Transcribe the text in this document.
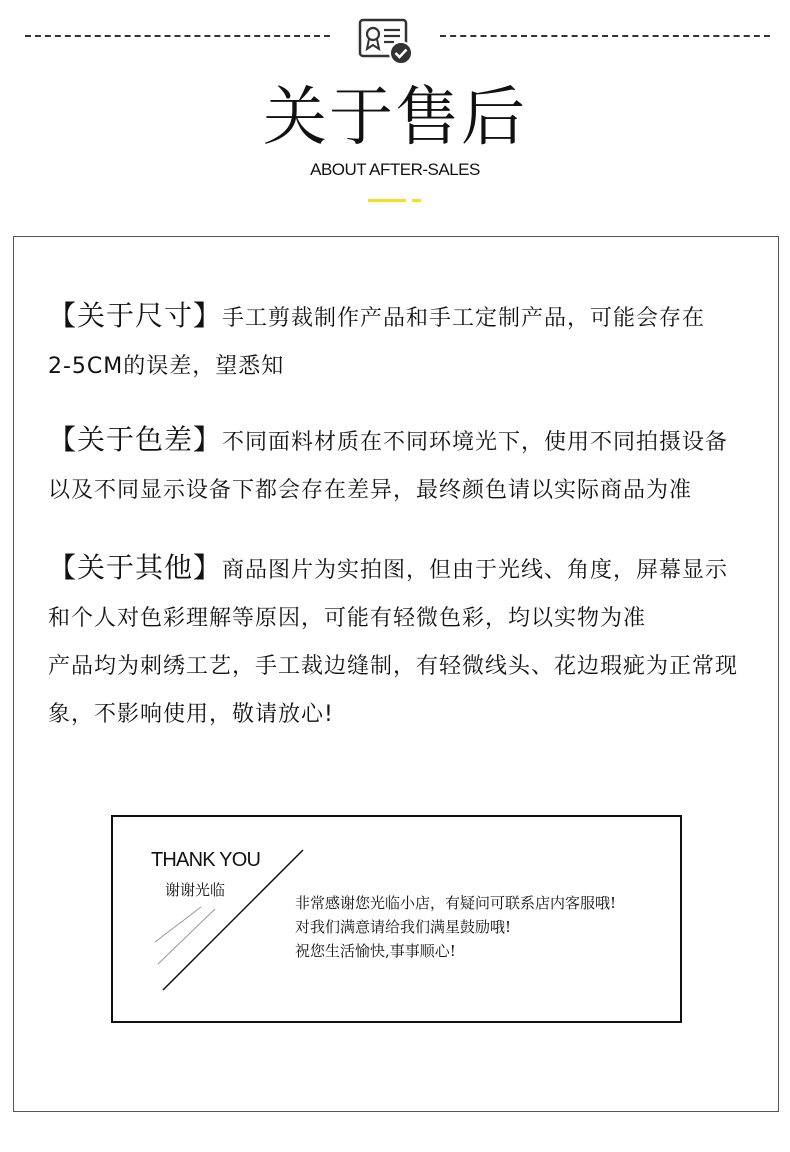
关于售后
ABOUT AFTER-SALES
【关于尺寸】手工剪裁制作产品和手工定制产品，可能会存在
2-5CM的误差，望悉知
【关于色差】不同面料材质在不同环境光下，使用不同拍摄设备
以及不同显示设备下都会存在差异，最终颜色请以实际商品为准
【关于其他】商品图片为实拍图，但由于光线、角度，屏幕显示
和个人对色彩理解等原因，可能有轻微色彩，均以实物为准
产品均为刺绣工艺，手工裁边缝制，有轻微线头、花边瑕疵为正常现
象，不影响使用，敬请放心!
THANK YOU
谢谢光临
非常感谢您光临小店，有疑问可联系店内客服哦!
对我们满意请给我们满星鼓励哦!
祝您生活愉快,事事顺心!
